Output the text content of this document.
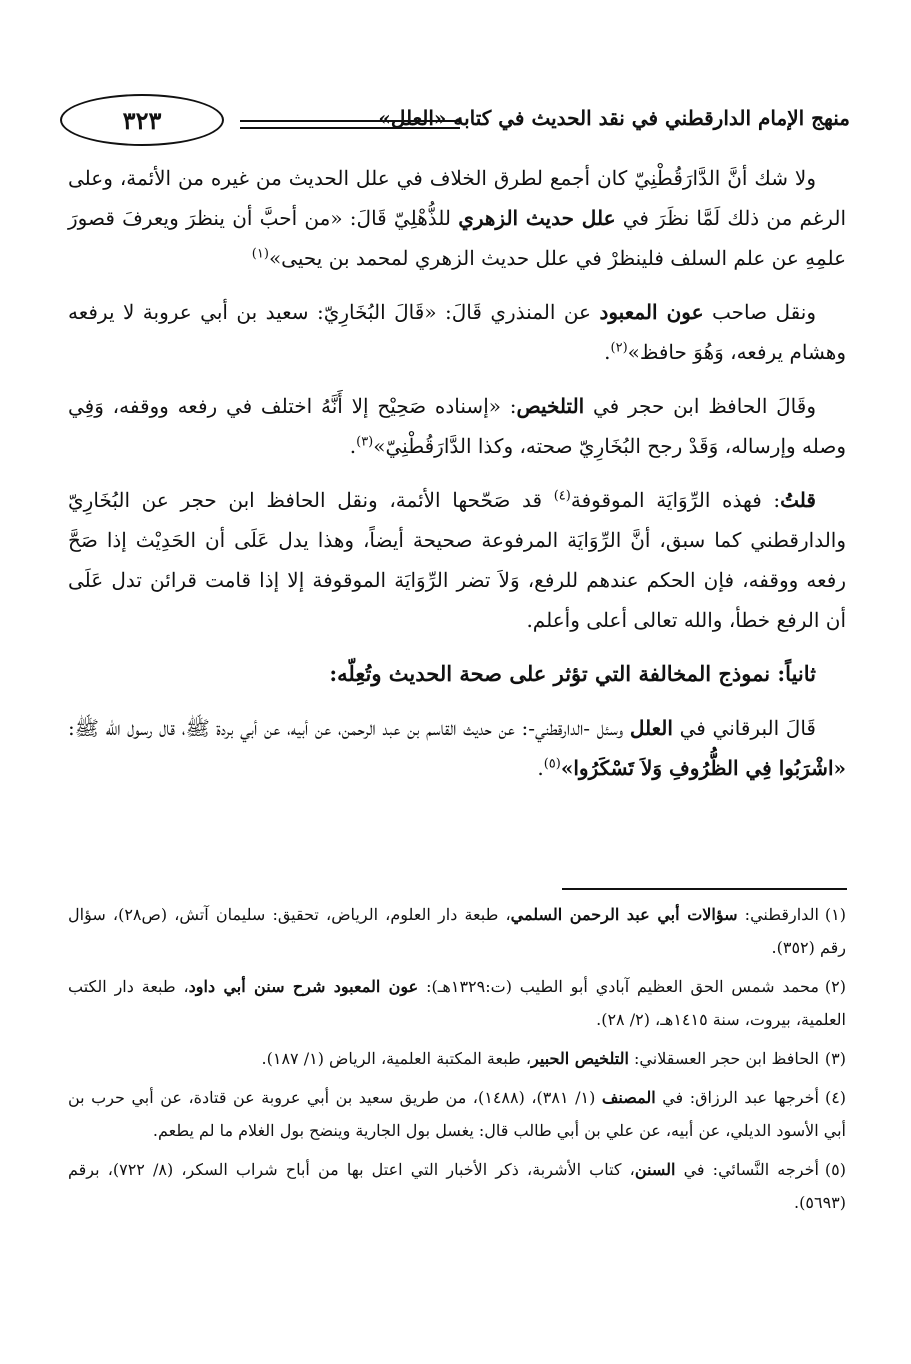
منهج الإمام الدارقطني في نقد الحديث في كتابه «العلل»
٣٢٣

ولا شك أنَّ الدَّارَقُطْنِيّ كان أجمع لطرق الخلاف في علل الحديث من غيره من الأئمة، وعلى الرغم من ذلك لَمَّا نظَرَ في علل حديث الزهري للذُّهْلِيّ قَالَ: «من أحبَّ أن ينظرَ ويعرفَ قصورَ علمِهِ عن علم السلف فلينظرْ في علل حديث الزهري لمحمد بن يحيى»$^{(١)}$

ونقل صاحب عون المعبود عن المنذري قَالَ: «قَالَ البُخَارِيّ: سعيد بن أبي عروبة لا يرفعه وهشام يرفعه، وَهُوَ حافظ»$^{(٢)}$.

وقَالَ الحافظ ابن حجر في التلخيص: «إسناده صَحِيْح إلا أَنَّهُ اختلف في رفعه ووقفه، وَفِي وصله وإرساله، وَقَدْ رجح البُخَارِيّ صحته، وكذا الدَّارَقُطْنِيّ»$^{(٣)}$.

قلتُ: فهذه الرِّوَايَة الموقوفة$^{(٤)}$ قد صَحّحها الأئمة، ونقل الحافظ ابن حجر عن البُخَارِيّ والدارقطني كما سبق، أنَّ الرِّوَايَة المرفوعة صحيحة أيضاً، وهذا يدل عَلَى أن الحَدِيْث إذا صَحَّ رفعه ووقفه، فإن الحكم عندهم للرفع، وَلاَ تضر الرِّوَايَة الموقوفة إلا إذا قامت قرائن تدل عَلَى أن الرفع خطأ، والله تعالى أعلى وأعلم.

ثانياً: نموذج المخالفة التي تؤثر على صحة الحديث وتُعِلّه:

قَالَ البرقاني في العلل وسئل -الدارقطني-: عن حديث القاسم بن عبد الرحمن، عن أبيه، عن أبي بردة ﷺ، قال رسول الله ﷺ: «اشْرَبُوا فِي الظُّرُوفِ وَلاَ تَسْكَرُوا»$^{(٥)}$.

(١)الدارقطني: سؤالات أبي عبد الرحمن السلمي، طبعة دار العلوم، الرياض، تحقيق: سليمان آتش، (ص٢٨)، سؤال رقم (٣٥٢).

(٢)محمد شمس الحق العظيم آبادي أبو الطيب (ت:١٣٢٩هـ): عون المعبود شرح سنن أبي داود، طبعة دار الكتب العلمية، بيروت، سنة ١٤١٥هـ، (٢/ ٢٨).

(٣)الحافظ ابن حجر العسقلاني: التلخيص الحبير، طبعة المكتبة العلمية، الرياض (١/ ١٨٧).

(٤)أخرجها عبد الرزاق: في المصنف (١/ ٣٨١)، (١٤٨٨)، من طريق سعيد بن أبي عروبة عن قتادة، عن أبي حرب بن أبي الأسود الديلي، عن أبيه، عن علي بن أبي طالب قال: يغسل بول الجارية وينضح بول الغلام ما لم يطعم.

(٥)أخرجه النَّسائي: في السنن، كتاب الأشربة، ذكر الأخبار التي اعتل بها من أباح شراب السكر، (٨/ ٧٢٢)، برقم (٥٦٩٣).
